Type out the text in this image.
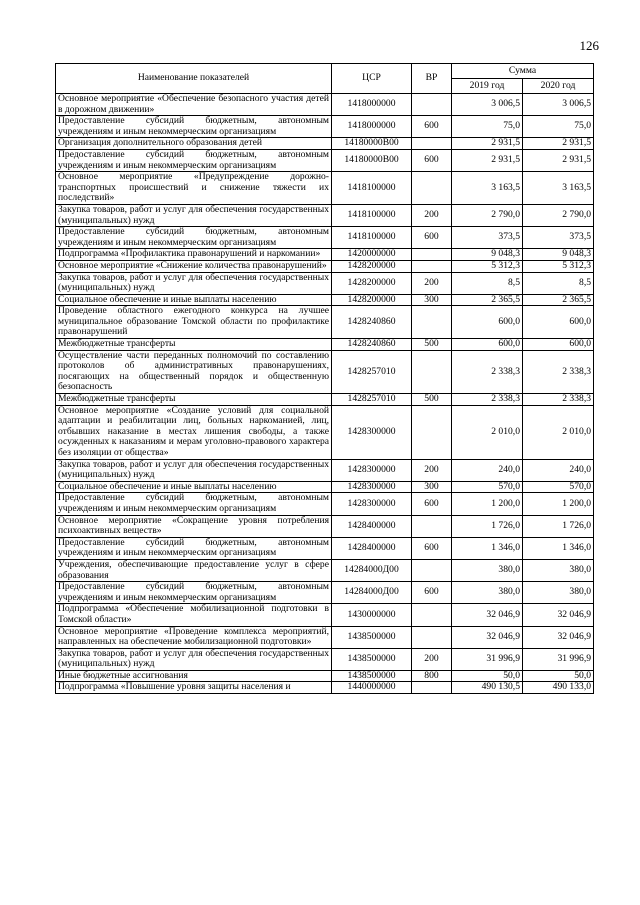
126
Наименование показателей	ЦСР	ВР	Сумма	
			2019 год	2020 год
Основное мероприятие «Обеспечение безопасного участия детей в дорожном движении»	1418000000		3 006,5	3 006,5
Предоставление субсидий бюджетным, автономным учреждениям и иным некоммерческим организациям	1418000000	600	75,0	75,0
Организация дополнительного образования детей	14180000В00		2 931,5	2 931,5
Предоставление субсидий бюджетным, автономным учреждениям и иным некоммерческим организациям	14180000В00	600	2 931,5	2 931,5
Основное мероприятие «Предупреждение дорожно-транспортных происшествий и снижение тяжести их последствий»	1418100000		3 163,5	3 163,5
Закупка товаров, работ и услуг для обеспечения государственных (муниципальных) нужд	1418100000	200	2 790,0	2 790,0
Предоставление субсидий бюджетным, автономным учреждениям и иным некоммерческим организациям	1418100000	600	373,5	373,5
Подпрограмма «Профилактика правонарушений и наркомании»	1420000000		9 048,3	9 048,3
Основное мероприятие «Снижение количества правонарушений»	1428200000		5 312,3	5 312,3
Закупка товаров, работ и услуг для обеспечения государственных (муниципальных) нужд	1428200000	200	8,5	8,5
Социальное обеспечение и иные выплаты населению	1428200000	300	2 365,5	2 365,5
Проведение областного ежегодного конкурса на лучшее муниципальное образование Томской области по профилактике правонарушений	1428240860		600,0	600,0
Межбюджетные трансферты	1428240860	500	600,0	600,0
Осуществление части переданных полномочий по составлению протоколов об административных правонарушениях, посягающих на общественный порядок и общественную безопасность	1428257010		2 338,3	2 338,3
Межбюджетные трансферты	1428257010	500	2 338,3	2 338,3
Основное мероприятие «Создание условий для социальной адаптации и реабилитации лиц, больных наркоманией, лиц, отбывших наказание в местах лишения свободы, а также осужденных к наказаниям и мерам уголовно-правового характера без изоляции от общества»	1428300000		2 010,0	2 010,0
Закупка товаров, работ и услуг для обеспечения государственных (муниципальных) нужд	1428300000	200	240,0	240,0
Социальное обеспечение и иные выплаты населению	1428300000	300	570,0	570,0
Предоставление субсидий бюджетным, автономным учреждениям и иным некоммерческим организациям	1428300000	600	1 200,0	1 200,0
Основное мероприятие «Сокращение уровня потребления психоактивных веществ»	1428400000		1 726,0	1 726,0
Предоставление субсидий бюджетным, автономным учреждениям и иным некоммерческим организациям	1428400000	600	1 346,0	1 346,0
Учреждения, обеспечивающие предоставление услуг в сфере образования	14284000Д00		380,0	380,0
Предоставление субсидий бюджетным, автономным учреждениям и иным некоммерческим организациям	14284000Д00	600	380,0	380,0
Подпрограмма «Обеспечение мобилизационной подготовки в Томской области»	1430000000		32 046,9	32 046,9
Основное мероприятие «Проведение комплекса мероприятий, направленных на обеспечение мобилизационной подготовки»	1438500000		32 046,9	32 046,9
Закупка товаров, работ и услуг для обеспечения государственных (муниципальных) нужд	1438500000	200	31 996,9	31 996,9
Иные бюджетные ассигнования	1438500000	800	50,0	50,0
Подпрограмма «Повышение уровня защиты населения и	1440000000		490 130,5	490 133,0
